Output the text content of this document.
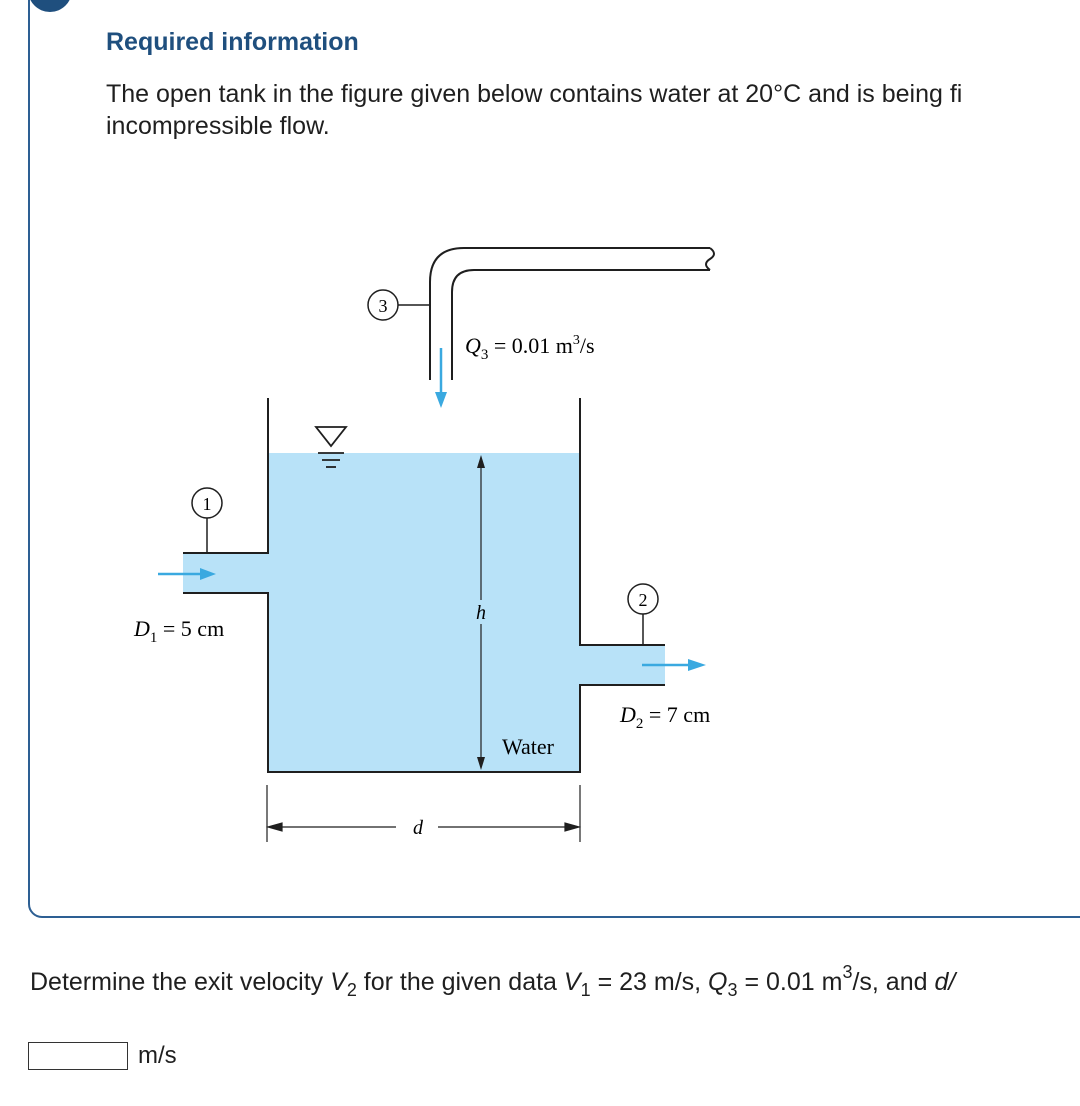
Required information
The open tank in the figure given below contains water at 20°C and is being fi
incompressible flow.
3
$Q_3 = 0.01$ $m^3/s$
h
1
$D_1 = 5$ cm
2
$D_2 = 7$ cm
Water
d

Determine the exit velocity $V_2$ for the given data $V_1 = 23$ m/s, $Q_3 = 0.01$ $m^3/s$, and d/

m/s
